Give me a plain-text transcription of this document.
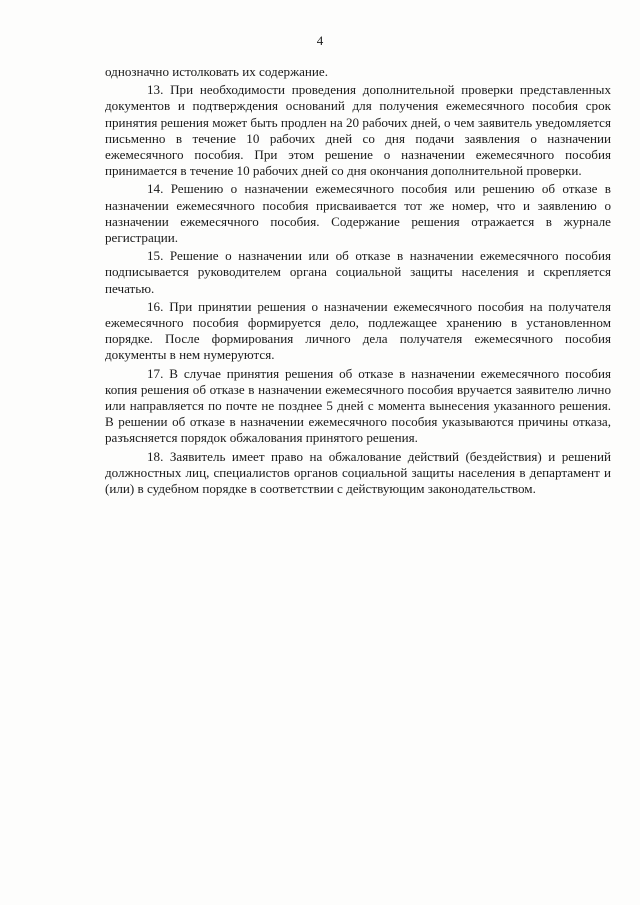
4

однозначно истолковать их содержание.

13. При необходимости проведения дополнительной проверки представленных документов и подтверждения оснований для получения ежемесячного пособия срок принятия решения может быть продлен на 20 рабочих дней, о чем заявитель уведомляется письменно в течение 10 рабочих дней со дня подачи заявления о назначении ежемесячного пособия. При этом решение о назначении ежемесячного пособия принимается в течение 10 рабочих дней со дня окончания дополнительной проверки.

14. Решению о назначении ежемесячного пособия или решению об отказе в назначении ежемесячного пособия присваивается тот же номер, что и заявлению о назначении ежемесячного пособия. Содержание решения отражается в журнале регистрации.

15. Решение о назначении или об отказе в назначении ежемесячного пособия подписывается руководителем органа социальной защиты населения и скрепляется печатью.

16. При принятии решения о назначении ежемесячного пособия на получателя ежемесячного пособия формируется дело, подлежащее хранению в установленном порядке. После формирования личного дела получателя ежемесячного пособия документы в нем нумеруются.

17. В случае принятия решения об отказе в назначении ежемесячного пособия копия решения об отказе в назначении ежемесячного пособия вручается заявителю лично или направляется по почте не позднее 5 дней с момента вынесения указанного решения. В решении об отказе в назначении ежемесячного пособия указываются причины отказа, разъясняется порядок обжалования принятого решения.

18. Заявитель имеет право на обжалование действий (бездействия) и решений должностных лиц, специалистов органов социальной защиты населения в департамент и (или) в судебном порядке в соответствии с действующим законодательством.
